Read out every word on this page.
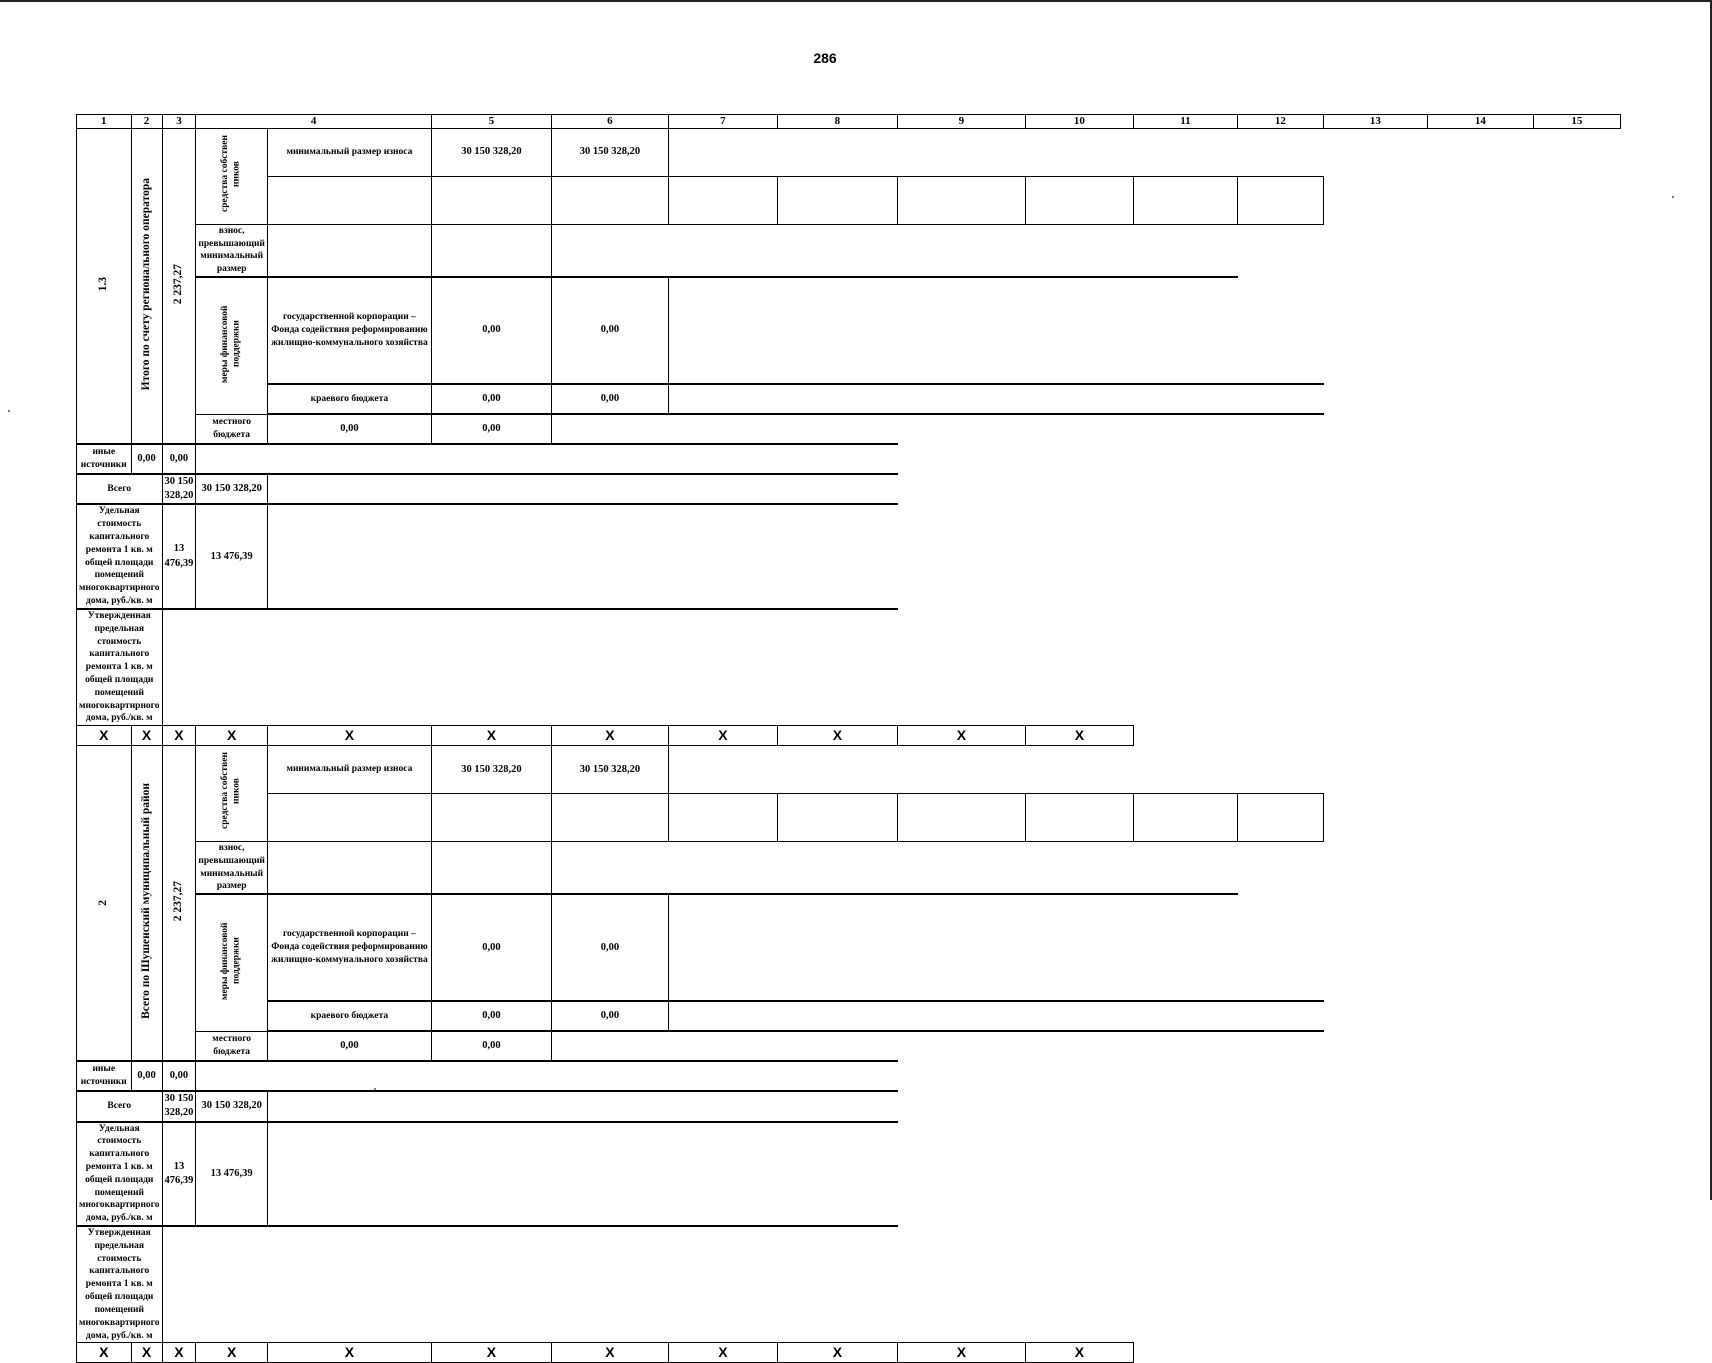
286
1	2	3	4		5	6	7	8	9	10	11	12	13	14	15
1.3	Итого по счету регионального оператора	2 237,27	средства собствен ников	минимальный размер износа	30 150 328,20	30 150 328,20									

			взнос, превышающий минимальный размер												

			меры финансовой поддержки	государственной корпорации – Фонда содействия реформированию жилищно-коммунального хозяйства	0,00	0,00									

				краевого бюджета	0,00	0,00									

			местного бюджета	0,00	0,00										

иные источники	0,00	0,00													

Всего		30 150 328,20	30 150 328,20												

Удельная стоимость капитального ремонта 1 кв. м общей площади помещений многоквартирного дома, руб./кв. м		13 476,39	13 476,39												

Утвержденная предельная стоимость капитального ремонта 1 кв. м общей площади помещений многоквартирного дома, руб./кв. м															
X	X	X	X	X	X	X	X	X	X	X					
2	Всего по Шушенский муниципальный район	2 237,27	средства собствен ников	минимальный размер износа	30 150 328,20	30 150 328,20									

			взнос, превышающий минимальный размер												

			меры финансовой поддержки	государственной корпорации – Фонда содействия реформированию жилищно-коммунального хозяйства	0,00	0,00									

				краевого бюджета	0,00	0,00									

			местного бюджета	0,00	0,00										

иные источники	0,00	0,00													

Всего		30 150 328,20	30 150 328,20												

Удельная стоимость капитального ремонта 1 кв. м общей площади помещений многоквартирного дома, руб./кв. м		13 476,39	13 476,39												

Утвержденная предельная стоимость капитального ремонта 1 кв. м общей площади помещений многоквартирного дома, руб./кв. м															
X	X	X	X	X	X	X	X	X	X	X					
